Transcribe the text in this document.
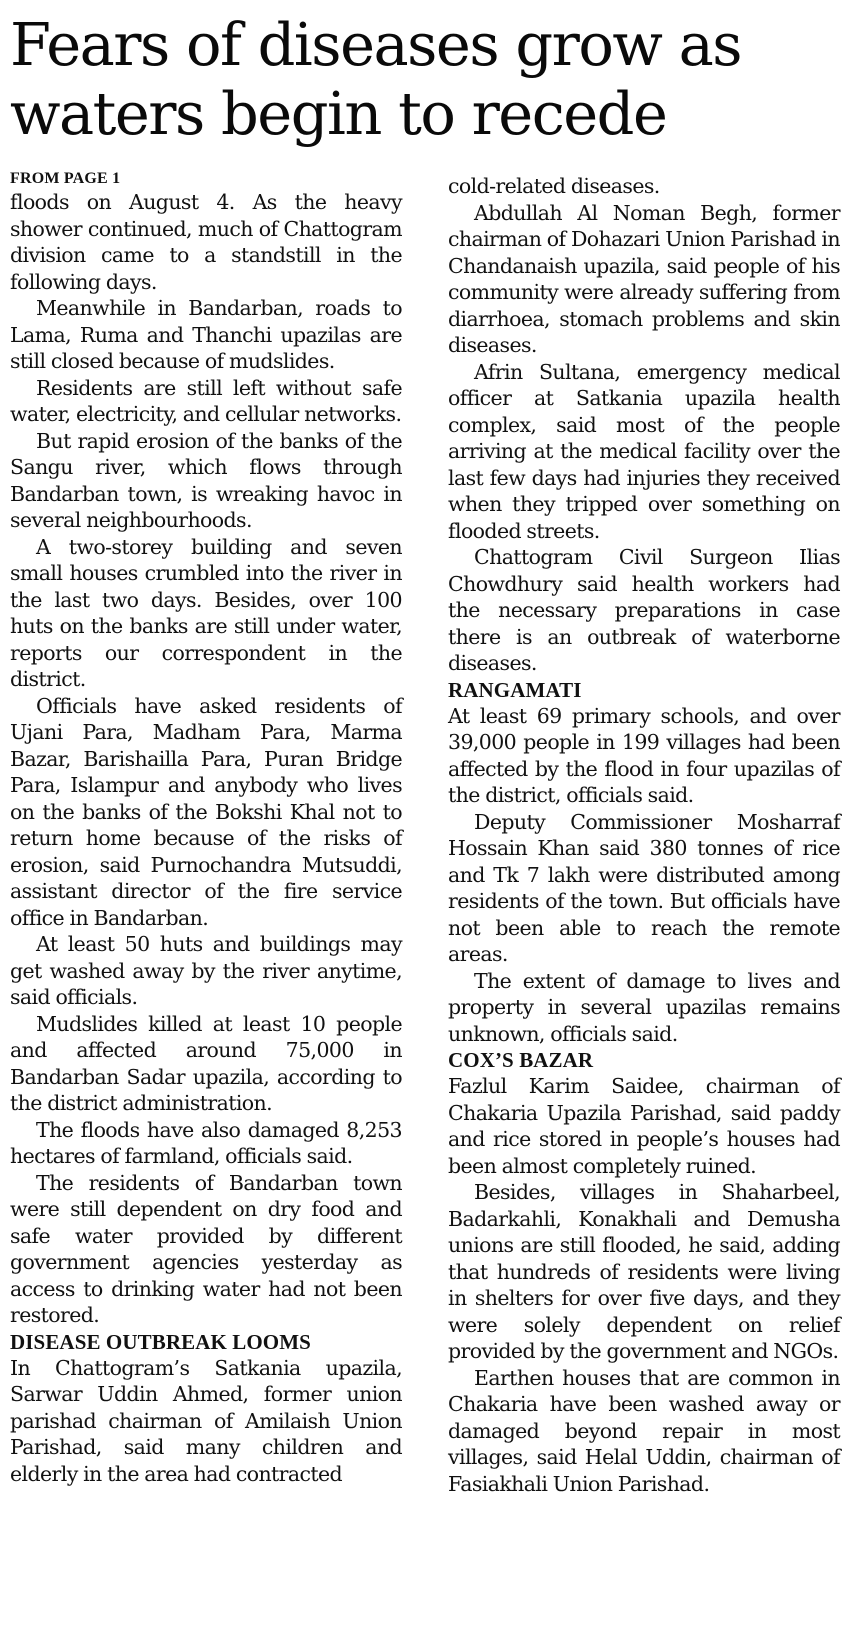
Fears of diseases grow as
waters begin to recede
FROM PAGE 1

floods on August 4. As the heavy shower continued, much of Chattogram division came to a standstill in the following days.

Meanwhile in Bandarban, roads to Lama, Ruma and Thanchi upazilas are still closed because of mudslides.

Residents are still left without safe water, electricity, and cellular networks.

But rapid erosion of the banks of the Sangu river, which flows through Bandarban town, is wreaking havoc in several neighbourhoods.

A two-storey building and seven small houses crumbled into the river in the last two days. Besides, over 100 huts on the banks are still under water, reports our correspondent in the district.

Officials have asked residents of Ujani Para, Madham Para, Marma Bazar, Barishailla Para, Puran Bridge Para, Islampur and anybody who lives on the banks of the Bokshi Khal not to return home because of the risks of erosion, said Purnochandra Mutsuddi, assistant director of the fire service office in Bandarban.

At least 50 huts and buildings may get washed away by the river anytime, said officials.

Mudslides killed at least 10 people and affected around 75,000 in Bandarban Sadar upazila, according to the district administration.

The floods have also damaged 8,253 hectares of farmland, officials said.

The residents of Bandarban town were still dependent on dry food and safe water provided by different government agencies yesterday as access to drinking water had not been restored.

DISEASE OUTBREAK LOOMS

In Chattogram’s Satkania upazila, Sarwar Uddin Ahmed, former union parishad chairman of Amilaish Union Parishad, said many children and elderly in the area had contracted

cold-related diseases.

Abdullah Al Noman Begh, former chairman of Dohazari Union Parishad in Chandanaish upazila, said people of his community were already suffering from diarrhoea, stomach problems and skin diseases.

Afrin Sultana, emergency medical officer at Satkania upazila health complex, said most of the people arriving at the medical facility over the last few days had injuries they received when they tripped over something on flooded streets.

Chattogram Civil Surgeon Ilias Chowdhury said health workers had the necessary preparations in case there is an outbreak of waterborne diseases.

RANGAMATI

At least 69 primary schools, and over 39,000 people in 199 villages had been affected by the flood in four upazilas of the district, officials said.

Deputy Commissioner Mosharraf Hossain Khan said 380 tonnes of rice and Tk 7 lakh were distributed among residents of the town. But officials have not been able to reach the remote areas.

The extent of damage to lives and property in several upazilas remains unknown, officials said.

COX’S BAZAR

Fazlul Karim Saidee, chairman of Chakaria Upazila Parishad, said paddy and rice stored in people’s houses had been almost completely ruined.

Besides, villages in Shaharbeel, Badarkahli, Konakhali and Demusha unions are still flooded, he said, adding that hundreds of residents were living in shelters for over five days, and they were solely dependent on relief provided by the government and NGOs.

Earthen houses that are common in Chakaria have been washed away or damaged beyond repair in most villages, said Helal Uddin, chairman of Fasiakhali Union Parishad.
